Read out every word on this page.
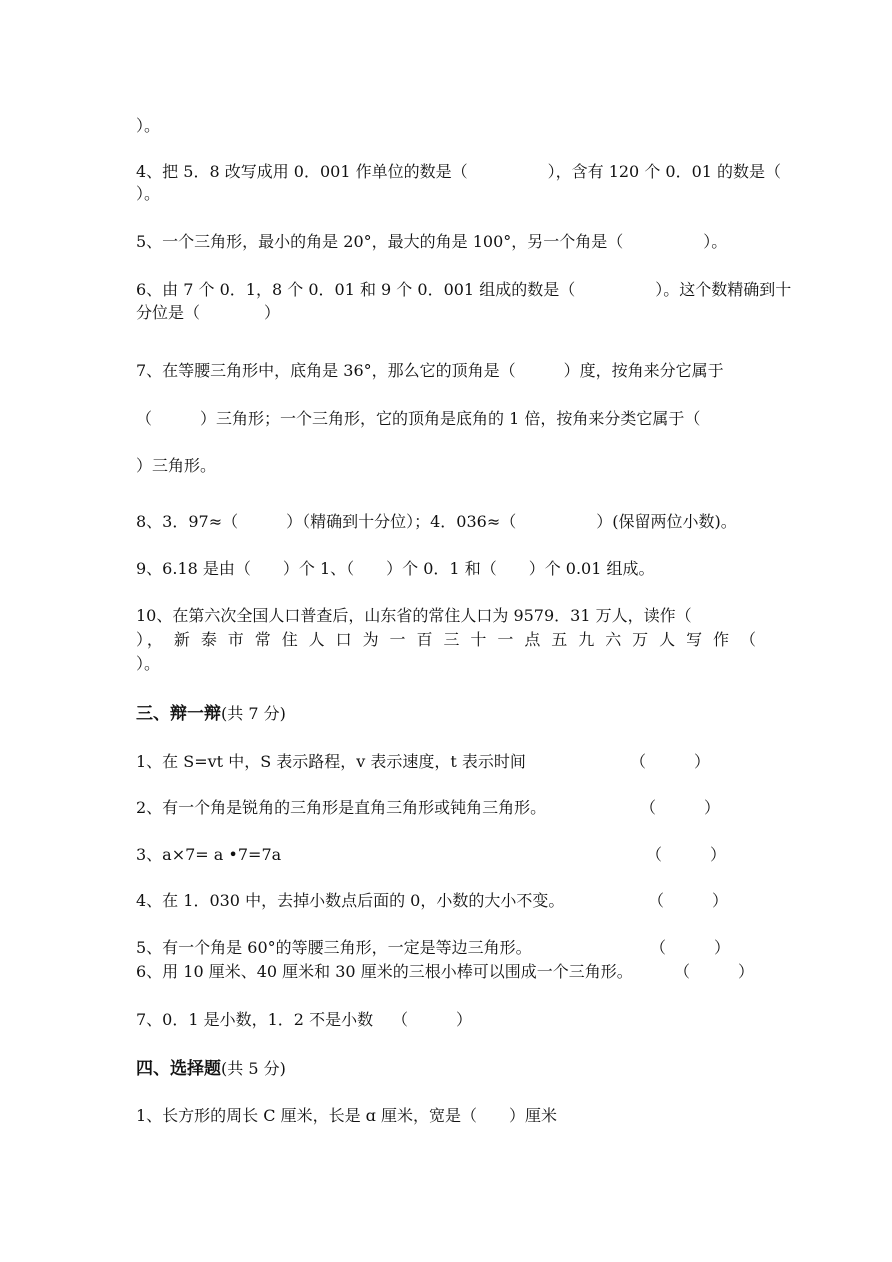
）。
4、把 5．8 改写成用 0．001 作单位的数是（　　　　　），含有 120 个 0．01 的数是（
）。
5、一个三角形，最小的角是 20°，最大的角是 100°，另一个角是（　　　　　）。
6、由 7 个 0．1，8 个 0．01 和 9 个 0．001 组成的数是（　　　　　）。这个数精确到十
分位是（　　　　）
7、在等腰三角形中，底角是 36°，那么它的顶角是（　　　）度，按角来分它属于
（　　　）三角形；一个三角形，它的顶角是底角的 1 倍，按角来分类它属于（
）三角形。
8、3．97≈（　　　）（精确到十分位）；4．036≈（　　　　　）(保留两位小数)。
9、6.18 是由（　　）个 1、（　　）个 0．1 和（　　）个 0.01 组成。
10、在第六次全国人口普查后，山东省的常住人口为 9579．31 万人，读作（
）， 新 泰 市 常 住 人 口 为 一 百 三 十 一 点 五 九 六 万 人 写 作 （
）。
三、辩一辩(共 7 分)
1、在 S=vt 中，S 表示路程，v 表示速度，t 表示时间	（　　　）
2、有一个角是锐角的三角形是直角三角形或钝角三角形。	（　　　）
3、a×7= a •7=7a	（　　　）
4、在 1．030 中，去掉小数点后面的 0，小数的大小不变。	（　　　）
5、有一个角是 60°的等腰三角形，一定是等边三角形。	（　　　）
6、用 10 厘米、40 厘米和 30 厘米的三根小棒可以围成一个三角形。	（　　　）
7、0．1 是小数，1．2 不是小数 （　　　）
四、选择题(共 5 分)
1、长方形的周长 C 厘米，长是 ɑ 厘米，宽是（　　）厘米
